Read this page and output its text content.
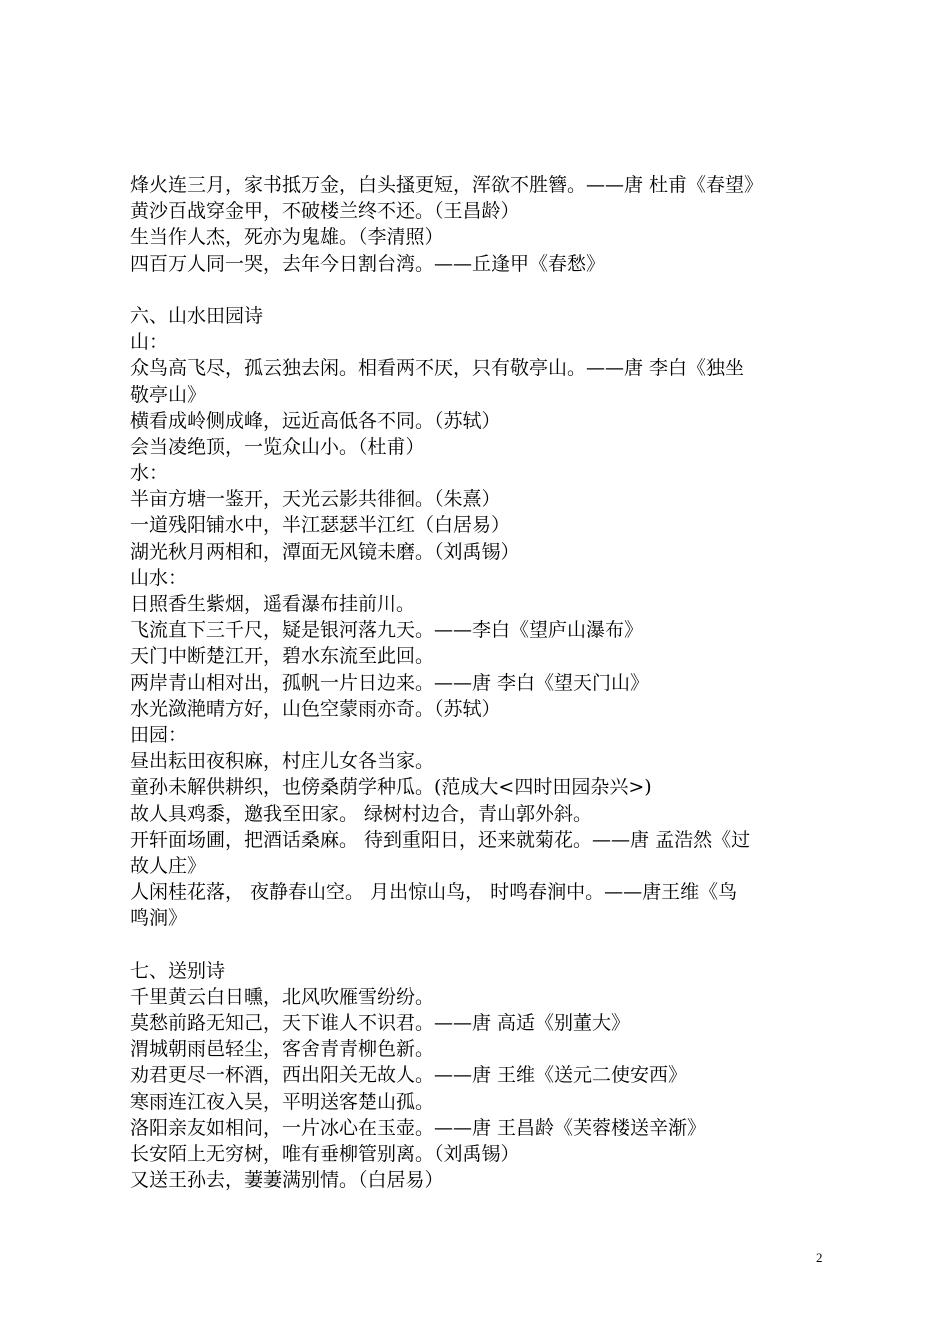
烽火连三月，家书抵万金，白头搔更短，浑欲不胜簪。——唐 杜甫《春望》
黄沙百战穿金甲，不破楼兰终不还。（王昌龄）
生当作人杰，死亦为鬼雄。（李清照）
四百万人同一哭，去年今日割台湾。——丘逢甲《春愁》
六、山水田园诗
山：
众鸟高飞尽，孤云独去闲。相看两不厌，只有敬亭山。——唐 李白《独坐
敬亭山》
横看成岭侧成峰，远近高低各不同。（苏轼）
会当凌绝顶，一览众山小。（杜甫）
水：
半亩方塘一鉴开，天光云影共徘徊。（朱熹）
一道残阳铺水中，半江瑟瑟半江红（白居易）
湖光秋月两相和，潭面无风镜未磨。（刘禹锡）
山水：
日照香生紫烟，遥看瀑布挂前川。
飞流直下三千尺，疑是银河落九天。——李白《望庐山瀑布》
天门中断楚江开，碧水东流至此回。
两岸青山相对出，孤帆一片日边来。——唐 李白《望天门山》
水光潋滟晴方好，山色空蒙雨亦奇。（苏轼）
田园：
昼出耘田夜积麻，村庄儿女各当家。
童孙未解供耕织，也傍桑荫学种瓜。(范成大<四时田园杂兴>)
故人具鸡黍，邀我至田家。 绿树村边合，青山郭外斜。
开轩面场圃，把酒话桑麻。 待到重阳日，还来就菊花。——唐 孟浩然《过
故人庄》
人闲桂花落， 夜静春山空。 月出惊山鸟， 时鸣春涧中。——唐王维《鸟
鸣涧》
七、送别诗
千里黄云白日曛，北风吹雁雪纷纷。
莫愁前路无知己，天下谁人不识君。——唐 高适《别董大》
渭城朝雨邑轻尘，客舍青青柳色新。
劝君更尽一杯酒，西出阳关无故人。——唐 王维《送元二使安西》
寒雨连江夜入吴，平明送客楚山孤。
洛阳亲友如相问，一片冰心在玉壶。——唐 王昌龄《芙蓉楼送辛渐》
长安陌上无穷树，唯有垂柳管别离。（刘禹锡）
又送王孙去，萋萋满别情。（白居易）
2
